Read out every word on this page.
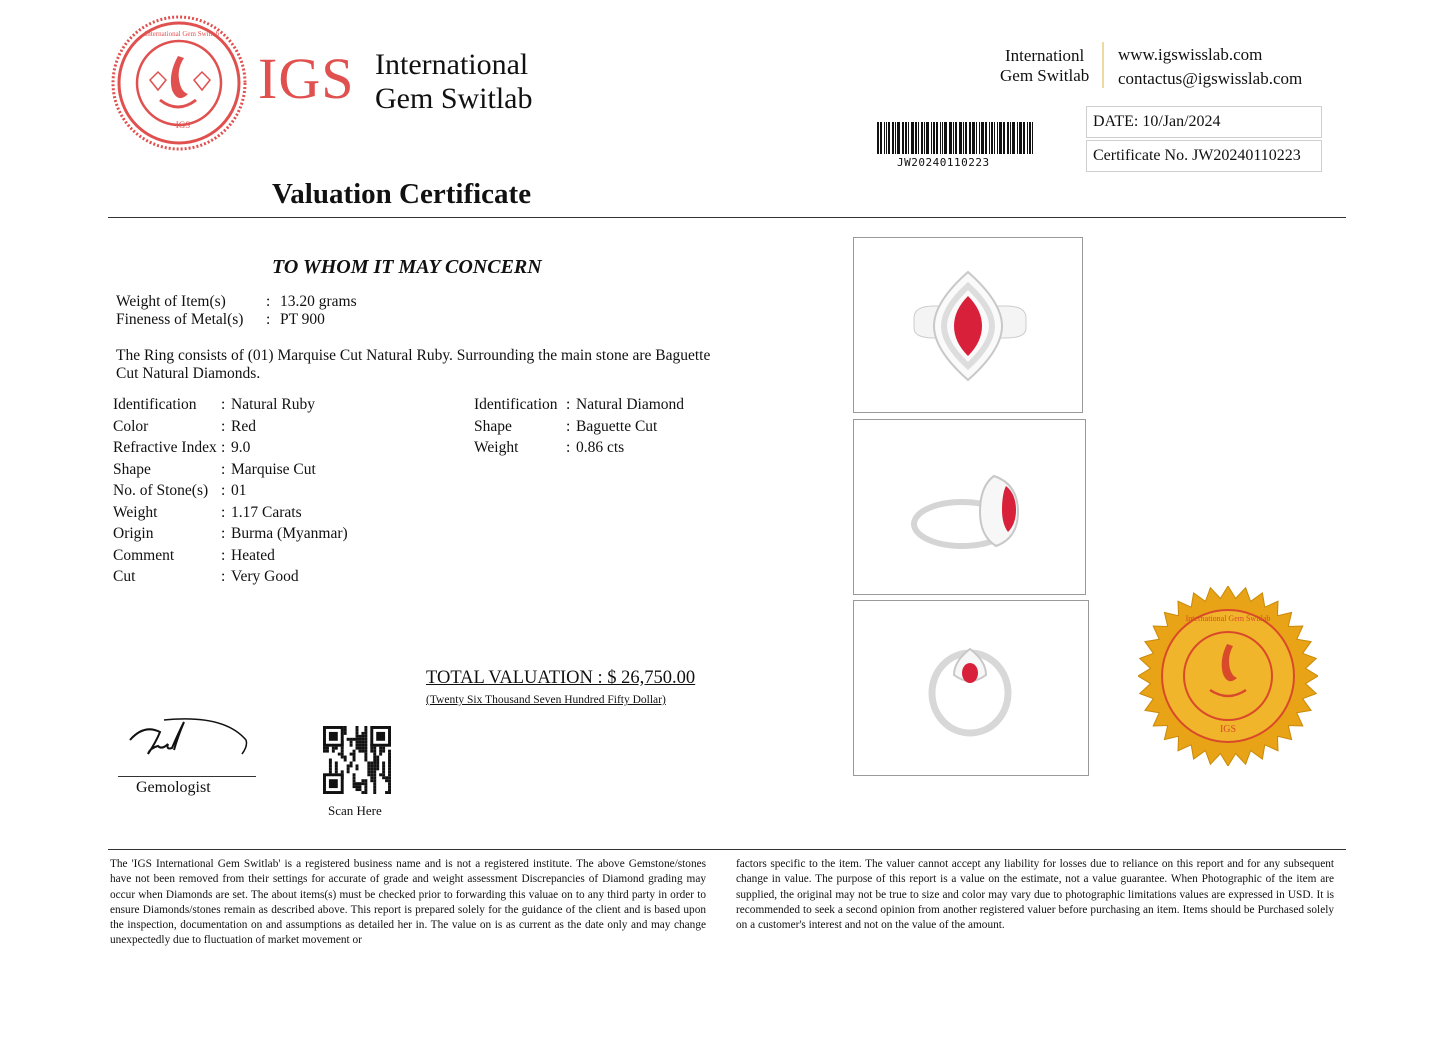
International Gem Switlab
IGS
IGS International
Gem Switlab
Internationl
Gem Switlab
www.igswisslab.com
contactus@igswisslab.com
JW20240110223
DATE: 10/Jan/2024
Certificate No. JW20240110223
Valuation Certificate
TO WHOM IT MAY CONCERN
Weight of Item(s)	: 13.20 grams
Fineness of Metal(s) : PT 900
The Ring consists of (01) Marquise Cut Natural Ruby. Surrounding the main stone are Baguette Cut Natural Diamonds.
Identification : Natural Ruby
Color	: Red
Refractive Index : 9.0
Shape	: Marquise Cut
No. of Stone(s) : 01
Weight	: 1.17 Carats
Origin	: Burma (Myanmar)
Comment	: Heated
Cut	: Very Good
Identification : Natural Diamond
Shape	: Baguette Cut
Weight	: 0.86 cts
TOTAL VALUATION : $ 26,750.00
(Twenty Six Thousand Seven Hundred Fifty Dollar)
Gemologist
Scan Here
International Gem Switlab
IGS
The 'IGS International Gem Switlab' is a registered business name and is not a registered institute. The above Gemstone/stones have not been removed from their settings for accurate of grade and weight assessment Discrepancies of Diamond grading may occur when Diamonds are set. The about items(s) must be checked prior to forwarding this valuae on to any third party in order to ensure Diamonds/stones remain as described above. This report is prepared solely for the guidance of the client and is based upon the inspection, documentation on and assumptions as detailed her in. The value on is as current as the date only and may change unexpectedly due to fluctuation of market movement or
factors specific to the item. The valuer cannot accept any liability for losses due to reliance on this report and for any subsequent change in value. The purpose of this report is a value on the estimate, not a value guarantee. When Photographic of the item are supplied, the original may not be true to size and color may vary due to photographic limitations values are expressed in USD. It is recommended to seek a second opinion from another registered valuer before purchasing an item. Items should be Purchased solely on a customer's interest and not on the value of the amount.
